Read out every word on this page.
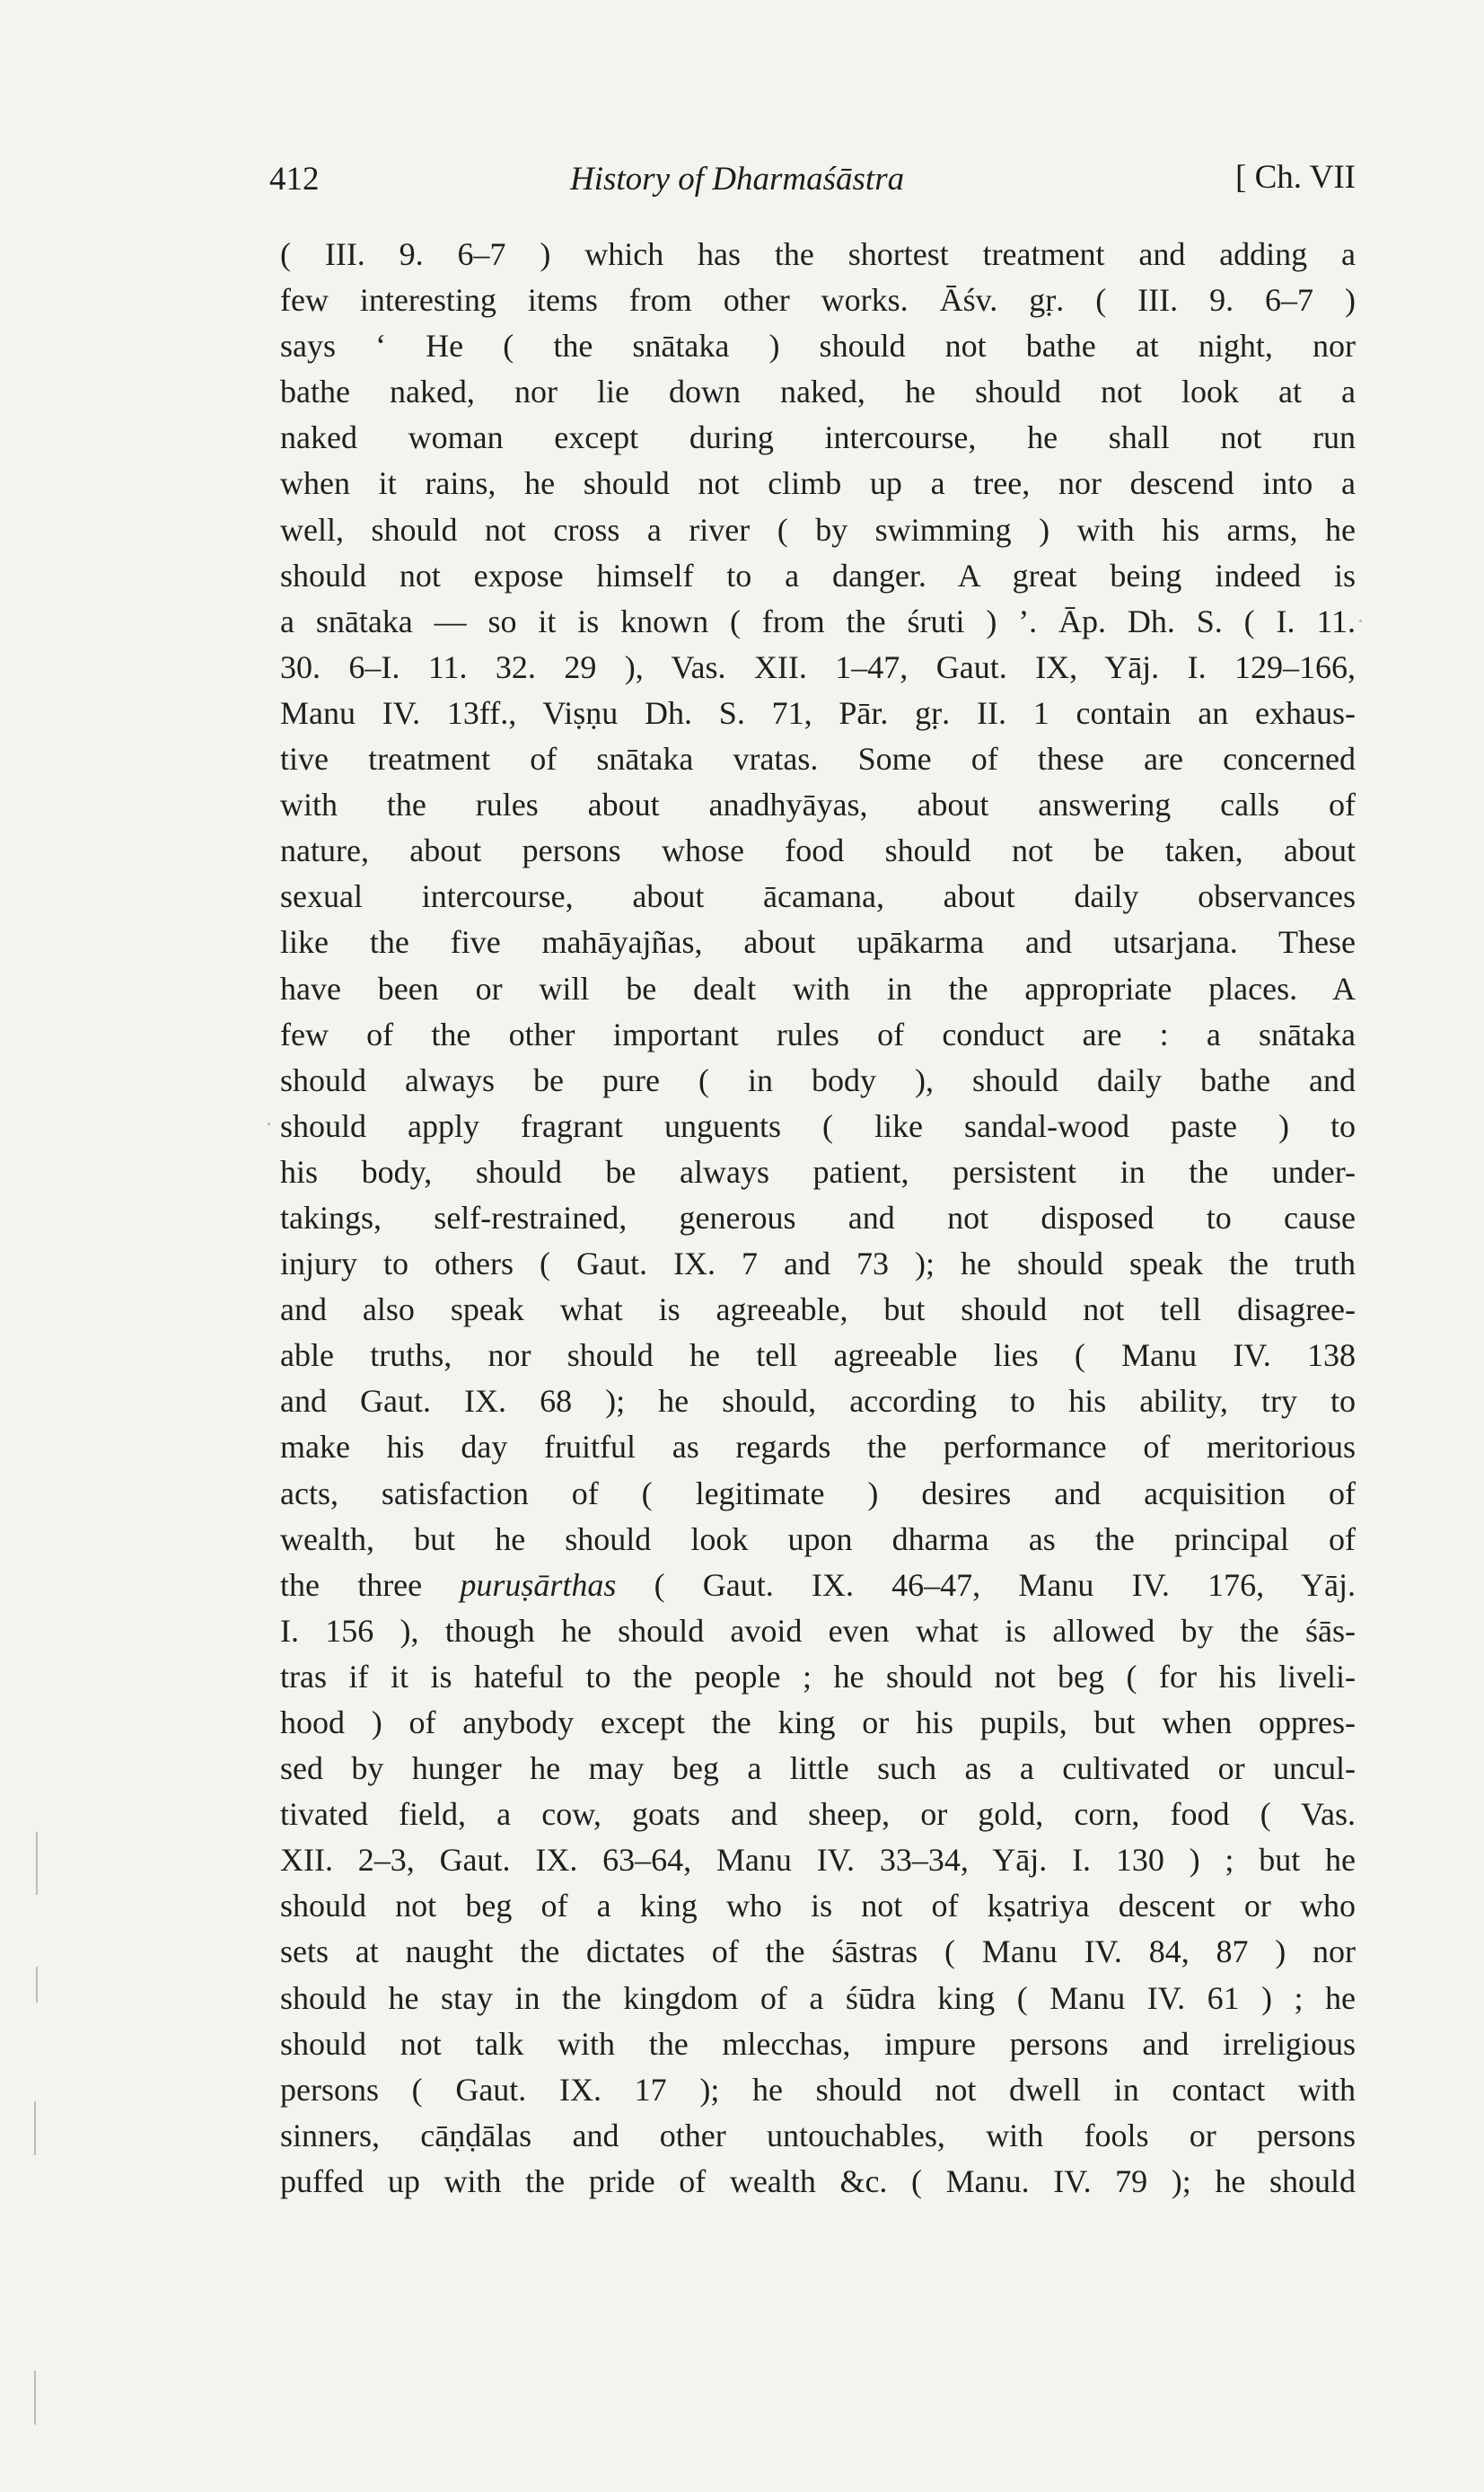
412	History of Dharmaśāstra	[ Ch. VII
( III. 9. 6–7 ) which has the shortest treatment and adding a
few interesting items from other works. Āśv. gṛ. ( III. 9. 6–7 )
says ‘ He ( the snātaka ) should not bathe at night, nor
bathe naked, nor lie down naked, he should not look at a
naked woman except during intercourse, he shall not run
when it rains, he should not climb up a tree, nor descend into a
well, should not cross a river ( by swimming ) with his arms, he
should not expose himself to a danger. A great being indeed is
a snātaka — so it is known ( from the śruti ) ’. Āp. Dh. S. ( I. 11.
30. 6–I. 11. 32. 29 ), Vas. XII. 1–47, Gaut. IX, Yāj. I. 129–166,
Manu IV. 13ff., Viṣṇu Dh. S. 71, Pār. gṛ. II. 1 contain an exhaus-
tive treatment of snātaka vratas. Some of these are concerned
with the rules about anadhyāyas, about answering calls of
nature, about persons whose food should not be taken, about
sexual intercourse, about ācamana, about daily observances
like the five mahāyajñas, about upākarma and utsarjana. These
have been or will be dealt with in the appropriate places. A
few of the other important rules of conduct are : a snātaka
should always be pure ( in body ), should daily bathe and
should apply fragrant unguents ( like sandal-wood paste ) to
his body, should be always patient, persistent in the under-
takings, self-restrained, generous and not disposed to cause
injury to others ( Gaut. IX. 7 and 73 ); he should speak the truth
and also speak what is agreeable, but should not tell disagree-
able truths, nor should he tell agreeable lies ( Manu IV. 138
and Gaut. IX. 68 ); he should, according to his ability, try to
make his day fruitful as regards the performance of meritorious
acts, satisfaction of ( legitimate ) desires and acquisition of
wealth, but he should look upon dharma as the principal of
the three puruṣārthas ( Gaut. IX. 46–47, Manu IV. 176, Yāj.
I. 156 ), though he should avoid even what is allowed by the śās-
tras if it is hateful to the people ; he should not beg ( for his liveli-
hood ) of anybody except the king or his pupils, but when oppres-
sed by hunger he may beg a little such as a cultivated or uncul-
tivated field, a cow, goats and sheep, or gold, corn, food ( Vas.
XII. 2–3, Gaut. IX. 63–64, Manu IV. 33–34, Yāj. I. 130 ) ; but he
should not beg of a king who is not of kṣatriya descent or who
sets at naught the dictates of the śāstras ( Manu IV. 84, 87 ) nor
should he stay in the kingdom of a śūdra king ( Manu IV. 61 ) ; he
should not talk with the mlecchas, impure persons and irreligious
persons ( Gaut. IX. 17 ); he should not dwell in contact with
sinners, cāṇḍālas and other untouchables, with fools or persons
puffed up with the pride of wealth &c. ( Manu. IV. 79 ); he should
